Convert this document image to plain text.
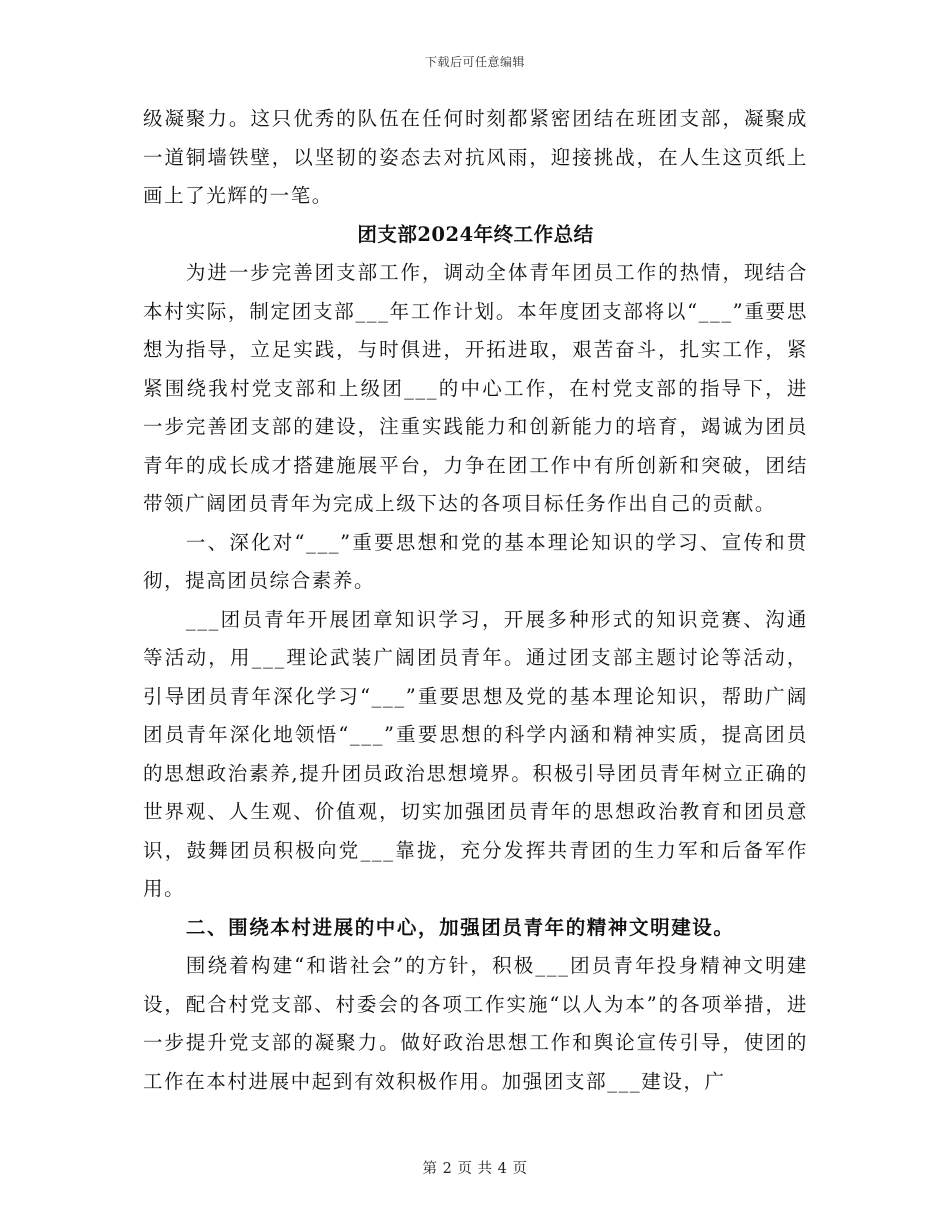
下载后可任意编辑

级凝聚力。这只优秀的队伍在任何时刻都紧密团结在班团支部，凝聚成一道铜墙铁壁，以坚韧的姿态去对抗风雨，迎接挑战，在人生这页纸上画上了光辉的一笔。

团支部2024年终工作总结

为进一步完善团支部工作，调动全体青年团员工作的热情，现结合本村实际，制定团支部___年工作计划。本年度团支部将以“___”重要思想为指导，立足实践，与时俱进，开拓进取，艰苦奋斗，扎实工作，紧紧围绕我村党支部和上级团___的中心工作，在村党支部的指导下，进一步完善团支部的建设，注重实践能力和创新能力的培育，竭诚为团员青年的成长成才搭建施展平台，力争在团工作中有所创新和突破，团结带领广阔团员青年为完成上级下达的各项目标任务作出自己的贡献。

一、深化对“___”重要思想和党的基本理论知识的学习、宣传和贯彻，提高团员综合素养。

___团员青年开展团章知识学习，开展多种形式的知识竞赛、沟通等活动，用___理论武装广阔团员青年。通过团支部主题讨论等活动，引导团员青年深化学习“___”重要思想及党的基本理论知识，帮助广阔团员青年深化地领悟“___”重要思想的科学内涵和精神实质，提高团员的思想政治素养,提升团员政治思想境界。积极引导团员青年树立正确的世界观、人生观、价值观，切实加强团员青年的思想政治教育和团员意识，鼓舞团员积极向党___靠拢，充分发挥共青团的生力军和后备军作用。

二、围绕本村进展的中心，加强团员青年的精神文明建设。

围绕着构建“和谐社会”的方针，积极___团员青年投身精神文明建设，配合村党支部、村委会的各项工作实施“以人为本”的各项举措，进一步提升党支部的凝聚力。做好政治思想工作和舆论宣传引导，使团的工作在本村进展中起到有效积极作用。加强团支部___建设，广

第 2 页 共 4 页
